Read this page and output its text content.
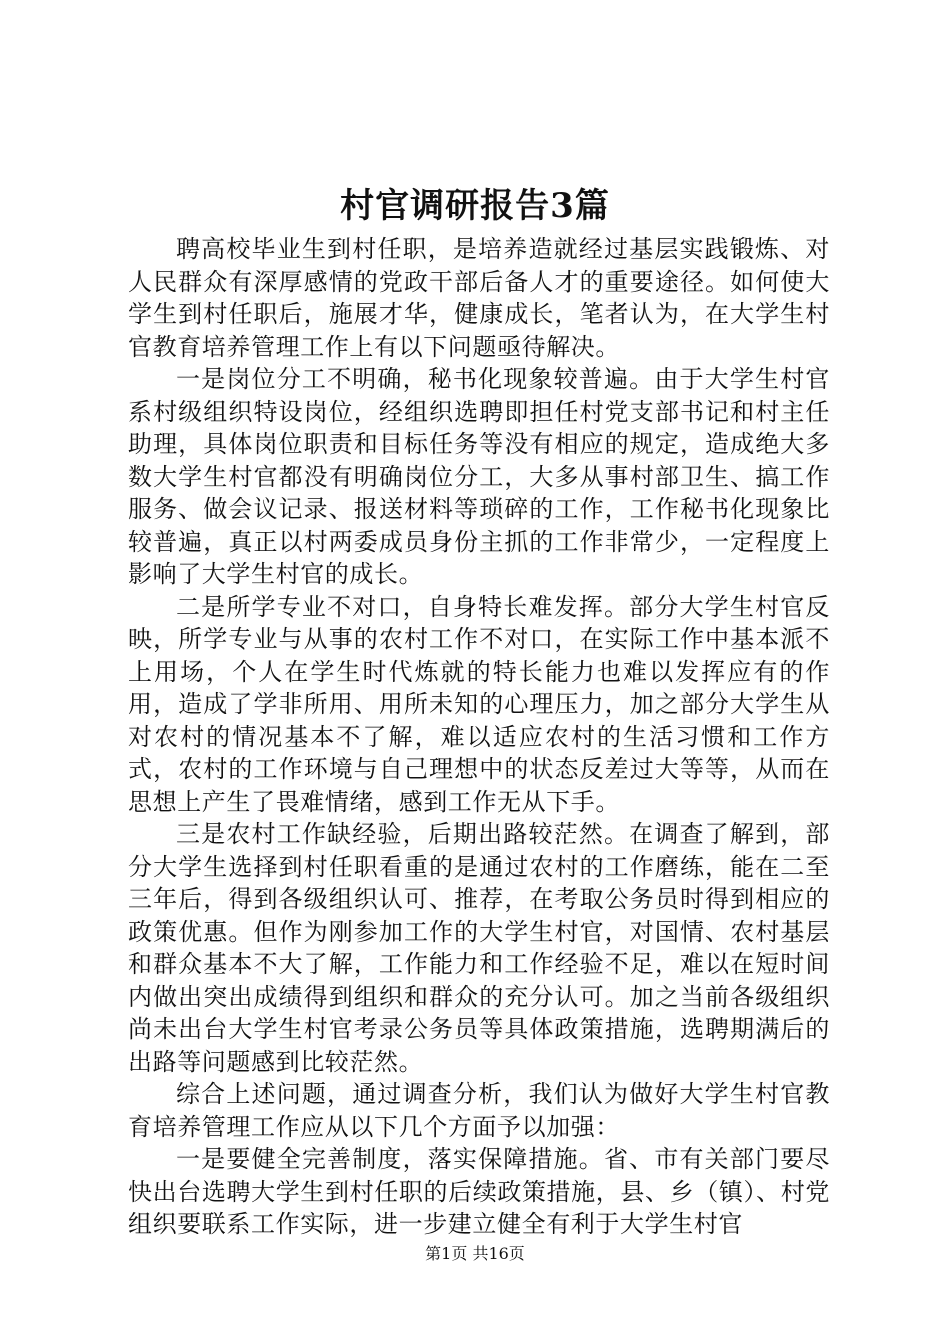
村官调研报告3篇

聘高校毕业生到村任职，是培养造就经过基层实践锻炼、对人民群众有深厚感情的党政干部后备人才的重要途径。如何使大学生到村任职后，施展才华，健康成长，笔者认为，在大学生村官教育培养管理工作上有以下问题亟待解决。

一是岗位分工不明确，秘书化现象较普遍。由于大学生村官系村级组织特设岗位，经组织选聘即担任村党支部书记和村主任助理，具体岗位职责和目标任务等没有相应的规定，造成绝大多数大学生村官都没有明确岗位分工，大多从事村部卫生、搞工作服务、做会议记录、报送材料等琐碎的工作，工作秘书化现象比较普遍，真正以村两委成员身份主抓的工作非常少，一定程度上影响了大学生村官的成长。

二是所学专业不对口，自身特长难发挥。部分大学生村官反映，所学专业与从事的农村工作不对口，在实际工作中基本派不上用场，个人在学生时代炼就的特长能力也难以发挥应有的作用，造成了学非所用、用所未知的心理压力，加之部分大学生从对农村的情况基本不了解，难以适应农村的生活习惯和工作方式，农村的工作环境与自己理想中的状态反差过大等等，从而在思想上产生了畏难情绪，感到工作无从下手。

三是农村工作缺经验，后期出路较茫然。在调查了解到，部分大学生选择到村任职看重的是通过农村的工作磨练，能在二至三年后，得到各级组织认可、推荐，在考取公务员时得到相应的政策优惠。但作为刚参加工作的大学生村官，对国情、农村基层和群众基本不大了解，工作能力和工作经验不足，难以在短时间内做出突出成绩得到组织和群众的充分认可。加之当前各级组织尚未出台大学生村官考录公务员等具体政策措施，选聘期满后的出路等问题感到比较茫然。

综合上述问题，通过调查分析，我们认为做好大学生村官教育培养管理工作应从以下几个方面予以加强：

一是要健全完善制度，落实保障措施。省、市有关部门要尽快出台选聘大学生到村任职的后续政策措施，县、乡（镇）、村党组织要联系工作实际，进一步建立健全有利于大学生村官

第1页 共16页
